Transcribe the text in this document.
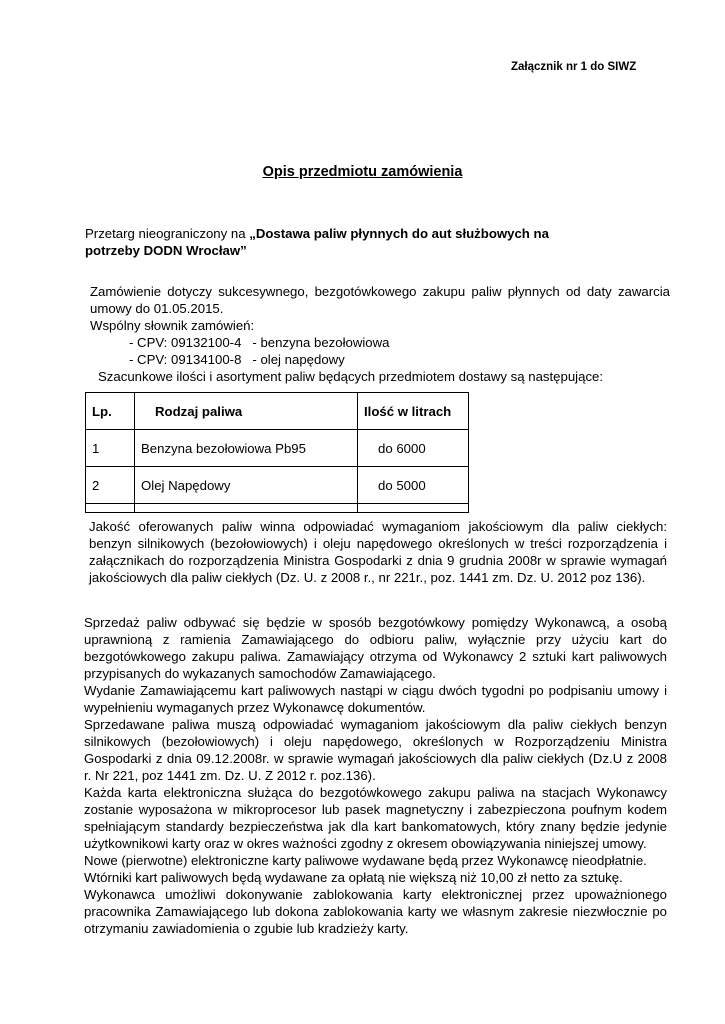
Załącznik nr 1 do SIWZ
Opis przedmiotu zamówienia
Przetarg nieograniczony na „Dostawa paliw płynnych do aut służbowych na
potrzeby DODN Wrocław”
Zamówienie dotyczy sukcesywnego, bezgotówkowego zakupu paliw płynnych od daty zawarcia umowy do 01.05.2015.
Wspólny słownik zamówień:
- CPV: 09132100-4   - benzyna bezołowiowa
- CPV: 09134100-8   - olej napędowy
Szacunkowe ilości i asortyment paliw będących przedmiotem dostawy są następujące:
Lp.	Rodzaj paliwa	Ilość w litrach
1	Benzyna bezołowiowa Pb95	do 6000
2	Olej Napędowy	do 5000

Jakość oferowanych paliw winna odpowiadać wymaganiom jakościowym dla paliw ciekłych: benzyn silnikowych (bezołowiowych) i oleju napędowego określonych w treści rozporządzenia i załącznikach do rozporządzenia Ministra Gospodarki z dnia 9 grudnia 2008r w sprawie wymagań jakościowych dla paliw ciekłych (Dz. U. z 2008 r., nr 221r., poz. 1441 zm. Dz. U. 2012 poz 136).
Sprzedaż paliw odbywać się będzie w sposób bezgotówkowy pomiędzy Wykonawcą, a osobą uprawnioną z ramienia Zamawiającego do odbioru paliw, wyłącznie przy użyciu kart do bezgotówkowego zakupu paliwa. Zamawiający otrzyma od Wykonawcy 2 sztuki kart paliwowych przypisanych do wykazanych samochodów Zamawiającego.
Wydanie Zamawiającemu kart paliwowych nastąpi w ciągu dwóch tygodni po podpisaniu umowy i wypełnieniu wymaganych przez Wykonawcę dokumentów.
Sprzedawane paliwa muszą odpowiadać wymaganiom jakościowym dla paliw ciekłych benzyn silnikowych (bezołowiowych) i oleju napędowego, określonych w Rozporządzeniu Ministra Gospodarki z dnia 09.12.2008r. w sprawie wymagań jakościowych dla paliw ciekłych (Dz.U z 2008 r. Nr 221, poz 1441 zm. Dz. U. Z 2012 r. poz.136).
Każda karta elektroniczna służąca do bezgotówkowego zakupu paliwa na stacjach Wykonawcy zostanie wyposażona w mikroprocesor lub pasek magnetyczny i zabezpieczona poufnym kodem spełniającym standardy bezpieczeństwa jak dla kart bankomatowych, który znany będzie jedynie użytkownikowi karty oraz w okres ważności zgodny z okresem obowiązywania niniejszej umowy.
Nowe (pierwotne) elektroniczne karty paliwowe wydawane będą przez Wykonawcę nieodpłatnie.
Wtórniki kart paliwowych będą wydawane za opłatą nie większą niż 10,00 zł netto za sztukę.
Wykonawca umożliwi dokonywanie zablokowania karty elektronicznej przez upoważnionego pracownika Zamawiającego lub dokona zablokowania karty we własnym zakresie niezwłocznie po otrzymaniu zawiadomienia o zgubie lub kradzieży karty.
